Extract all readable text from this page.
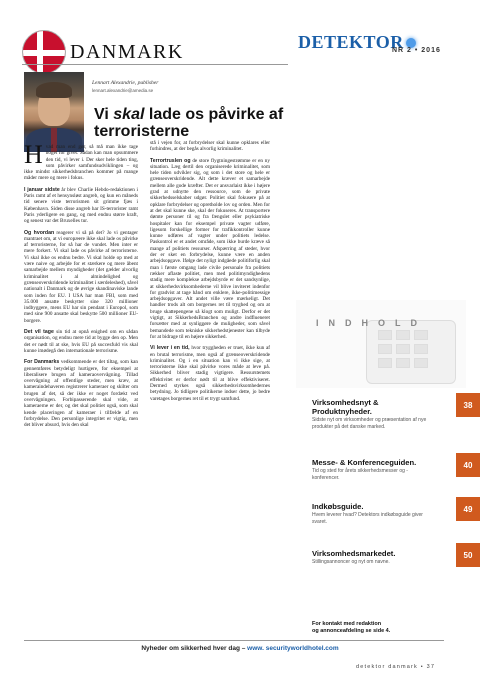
DANMARK	DETEKTOR
NR 2 • 2016
Lennart Alexandrie, publisher
lennart.alexandrie@amedia.se
Vi skal lade os påvirke af terroristerne

Hvad man end gør, så må man ikke tage noget for givet. Sådan kan man opsummere den tid, vi lever i. Der sker hele tiden ting, som påvirker samfundsudviklingen – og ikke mindst sikkerhedsbranchen kommer på mange måder mere og mere i fokus.

I januar sidste år blev Charlie Hebdo-redaktionen i Paris ramt af et hensynsløst angreb, og kun en måneds tid senere viste terrorismen sit grimme fjæs i København. Siden disse angreb har IS-terrorister ramt Paris yderligere en gang, og med endnu større kraft, og senest var det Bruxelles tur.

Og hvordan reagerer vi så på det? Jo vi gentager mantraet om, at vi europæere ikke skal lade os påvirke af terroristerne, for så har de vundet. Men inter er mere forkert. Vi skal lade os påvirke af terroristerne. Vi skal ikke os endnu bedre. Vi skal holde op med at være naive og arbejde for et stærkere og mere åbent samarbejde mellem myndigheder (det gælder alvorlig kriminalitet i al almindelighed og grænseoverskridende kriminalitet i særdeleshed), såvel nationalt i Danmark og de øvrige skandinaviske lande som inden for EU. I USA har man FBI, som med 35.000 ansatte beskytter sine 320 millioner indbyggere, mens EU har sin pendant i Europol, som med sine 900 ansatte skal beskytte 500 millioner EU-borgere.

Det vil tage sin tid at opnå enighed om en sådan organisation, og endnu mere tid at bygge den op. Men det er nødt til at ske, hvis EU på succesfuld vis skal kunne imødegå den internationale terrorisme.

For Danmarks vedkommende er det tiltag, som kan gennemføres betydeligt hurtigere, for eksempel at liberalisere brugen af kameraovervågning. Tillad overvågning af offentlige steder, men kræv, at kameraindehaveren registrerer kameraer og skilter om brugen af det, så der ikke er noget fordækt ved overvågningen. Forbipasserende skal vide, at kameraerne er der, og det skal politiet også, som skal kende placeringen af kameraer i tilfælde af en forbrydelse. Den personlige integritet er vigtig, men det bliver absurd, hvis den skal

stå i vejen for, at forbrydelser skal kunne opklares eller forhindres, at der begås alvorlig kriminalitet.

Terrortruslen og de store flygtningestrømme er en ny situation. Læg dertil den organiserede kriminalitet, som hele tiden udvikler sig, og som i det store og hele er grænseoverskridende. Alt dette kræver et samarbejde mellem alle gode kræfter. Det er ansvarlaist ikke i højere grad at udnytte den ressource, som de private sikkerhedsselskaber udgør. Politiet skal fokusere på at opklare forbrydelser og opretholde lov og orden. Men for at det skal kunne ske, skal der fokuseres. At transportere dømte personer til og fra fængslet eller psykiatriske hospitaler kan for eksempel private vagter udføre, ligesom forskellige former for trafikkontroller kunne kunne udføres af vagter under politiets ledelse. Paskontrol er et andet område, som ikke burde kræve så mange af politiets ressurser. Afspærring af steder, hvor der er sket en forbrydelse, kunne være en anden arbejdsopgave. Ifølge det nyligt indgåede politiforlig skal man i første omgang lade civile personale fra politiets rækker aflaste politiet, men med politimyndighedens stadig mere komplekse arbejdsbyrde er det sandsynlige, at sikkerhedsvirksomhederne vil blive inviteret indenfor for gradvist at tage hånd om enklere, ikke-politimessige arbejdsopgaver. Alt andet ville være mærkeligt. Det handler trods alt om borgernes ret til tryghed og om at bruge skattepengene så klogt som muligt. Derfor er det vigtigt, at SikkerhedsBranchen og andre indflueneret forsætter med at synliggøre de muligheder, som såvel bemandede som tekniske sikkerhedstjenester kan tilbyde for at bidrage til en højere sikkerhed.

Vi lever i en tid, hvor tryggheden er truet, ikke kun af en brutal terrorisme, men også af grænseoverskridende kriminalitet. Og i en situation kan vi ikke sige, at terroristerne ikke skal påvirke vores måde at leve på. Sikkerhed bliver stadig vigtigere. Ressurstemets effektivitet er derfor nødt til at blive effektiviseret. Dermed styrkes også sikkerhedsvirksomhedernes betydning. Jo tidligere politikerne indser dette, jo bedre varetages borgernes ret til et trygt samfund.

INDHOLD
Virksomhedsnyt & Produktnyheder.
Sidste nyt om virksomheder og præsentation af nye produkter på det danske marked.
38
Messe- & Konferenceguiden.
Tid og sted for årets sikkerhedsmesser og -konferencer.
40
Indkøbsguide.
Hvem leverer hvad? Detektors indkøbsguide giver svaret.
49
Virksomhedsmarkedet.
Stillingsannoncer og nyt om navne.
50
For kontakt med redaktion
og annonceafdeling se side 4.
Nyheder om sikkerhed hver dag – www. securityworldhotel.com
detektor danmark • 37
